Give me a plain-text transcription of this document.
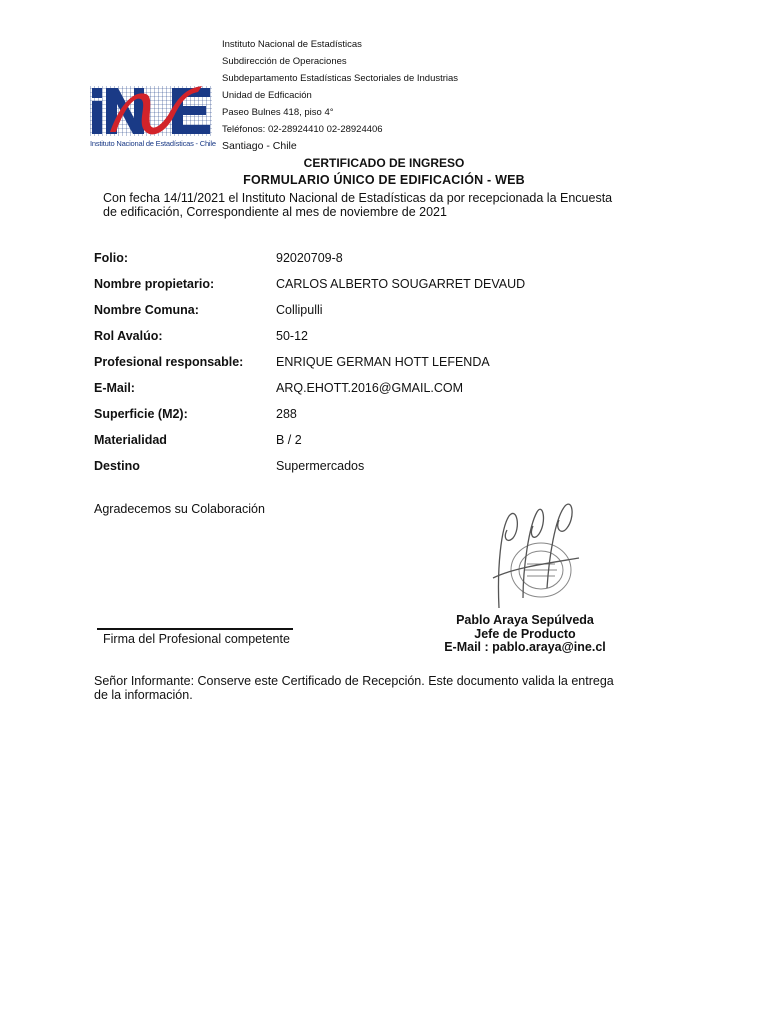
Instituto Nacional de Estadísticas - Chile
Instituto Nacional de Estadísticas
Subdirección de Operaciones
Subdepartamento Estadísticas Sectoriales de Industrias
Unidad de Edficación
Paseo Bulnes 418, piso 4°
Teléfonos: 02-28924410 02-28924406
Santiago - Chile
CERTIFICADO DE INGRESO
FORMULARIO ÚNICO DE EDIFICACIÓN - WEB
Con fecha 14/11/2021 el Instituto Nacional de Estadísticas da por recepcionada la Encuesta de edificación, Correspondiente al mes de noviembre de 2021
Folio:	92020709-8
Nombre propietario:	CARLOS ALBERTO SOUGARRET DEVAUD
Nombre Comuna:	Collipulli
Rol Avalúo:	50-12
Profesional responsable:	ENRIQUE GERMAN HOTT LEFENDA
E-Mail:	ARQ.EHOTT.2016@GMAIL.COM
Superficie (M2):	288
Materialidad	B / 2
Destino	Supermercados
Agradecemos su Colaboración
Firma del Profesional competente
Pablo Araya Sepúlveda
Jefe de Producto
E-Mail : pablo.araya@ine.cl
Señor Informante: Conserve este Certificado de Recepción. Este documento valida la entrega de la información.
